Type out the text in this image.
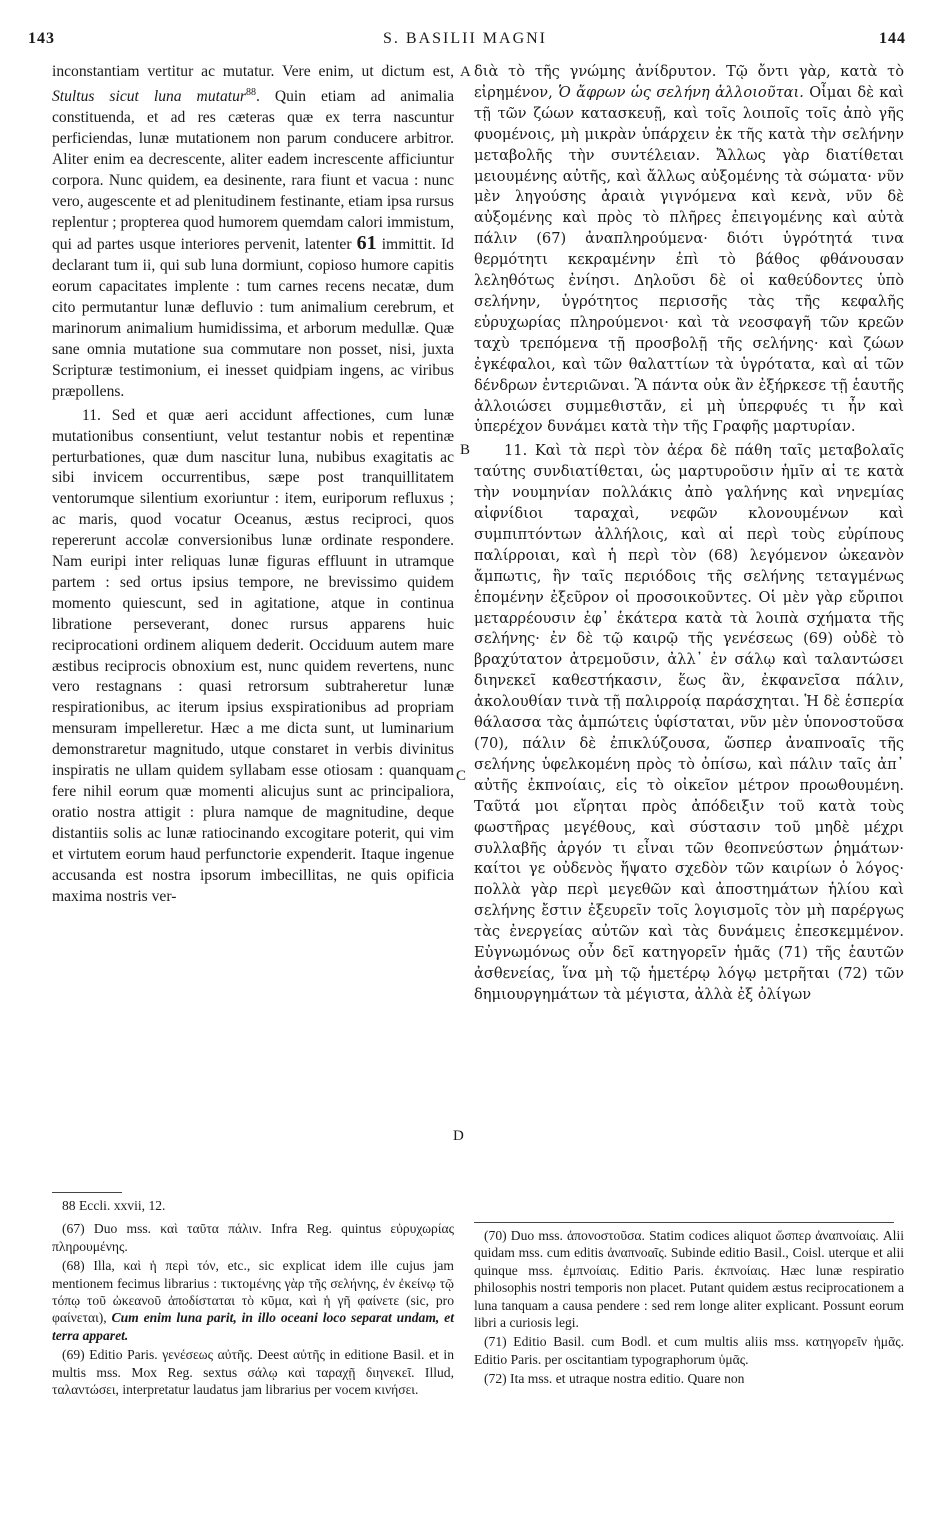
143	S. BASILII MAGNI	144
A
B
C
D

inconstantiam vertitur ac mutatur. Vere enim, ut dictum est, Stultus sicut luna mutatur$^{88}$. Quin etiam ad animalia constituenda, et ad res cæteras quæ ex terra nascuntur perficiendas, lunæ mutationem non parum conducere arbitror. Aliter enim ea decrescente, aliter eadem increscente afficiuntur corpora. Nunc quidem, ea desinente, rara fiunt et vacua : nunc vero, augescente et ad plenitudinem festinante, etiam ipsa rursus replentur ; propterea quod humorem quemdam calori immistum, qui ad partes usque interiores pervenit, latenter 61 immittit. Id declarant tum ii, qui sub luna dormiunt, copioso humore capitis eorum capacitates implente : tum carnes recens necatæ, dum cito permutantur lunæ defluvio : tum animalium cerebrum, et marinorum animalium humidissima, et arborum medullæ. Quæ sane omnia mutatione sua commutare non posset, nisi, juxta Scripturæ testimonium, ei inesset quidpiam ingens, ac viribus præpollens.

11. Sed et quæ aeri accidunt affectiones, cum lunæ mutationibus consentiunt, velut testantur nobis et repentinæ perturbationes, quæ dum nascitur luna, nubibus exagitatis ac sibi invicem occurrentibus, sæpe post tranquillitatem ventorumque silentium exoriuntur : item, euriporum refluxus ; ac maris, quod vocatur Oceanus, æstus reciproci, quos repererunt accolæ conversionibus lunæ ordinate respondere. Nam euripi inter reliquas lunæ figuras effluunt in utramque partem : sed ortus ipsius tempore, ne brevissimo quidem momento quiescunt, sed in agitatione, atque in continua libratione perseverant, donec rursus apparens huic reciprocationi ordinem aliquem dederit. Occiduum autem mare æstibus reciprocis obnoxium est, nunc quidem revertens, nunc vero restagnans : quasi retrorsum subtraheretur lunæ respirationibus, ac iterum ipsius exspirationibus ad propriam mensuram impelleretur. Hæc a me dicta sunt, ut luminarium demonstraretur magnitudo, utque constaret in verbis divinitus inspiratis ne ullam quidem syllabam esse otiosam : quanquam fere nihil eorum quæ momenti alicujus sunt ac principaliora, oratio nostra attigit : plura namque de magnitudine, deque distantiis solis ac lunæ ratiocinando excogitare poterit, qui vim et virtutem eorum haud perfunctorie expenderit. Itaque ingenue accusanda est nostra ipsorum imbecillitas, ne quis opificia maxima nostris ver-

διὰ τὸ τῆς γνώμης ἀνίδρυτον. Τῷ ὄντι γὰρ, κατὰ τὸ εἰρημένον, Ὁ ἄφρων ὡς σελήνη ἀλλοιοῦται. Οἶμαι δὲ καὶ τῇ τῶν ζώων κατασκευῇ, καὶ τοῖς λοιποῖς τοῖς ἀπὸ γῆς φυομένοις, μὴ μικρὰν ὑπάρχειν ἐκ τῆς κατὰ τὴν σελήνην μεταβολῆς τὴν συντέλειαν. Ἄλλως γὰρ διατίθεται μειουμένης αὐτῆς, καὶ ἄλλως αὐξομένης τὰ σώματα· νῦν μὲν ληγούσης ἀραιὰ γιγνόμενα καὶ κενὰ, νῦν δὲ αὐξομένης καὶ πρὸς τὸ πλῆρες ἐπειγομένης καὶ αὐτὰ πάλιν (67) ἀναπληρούμενα· διότι ὑγρότητά τινα θερμότητι κεκραμένην ἐπὶ τὸ βάθος φθάνουσαν λεληθότως ἐνίησι. Δηλοῦσι δὲ οἱ καθεύδοντες ὑπὸ σελήνην, ὑγρότητος περισσῆς τὰς τῆς κεφαλῆς εὐρυχωρίας πληρούμενοι· καὶ τὰ νεοσφαγῆ τῶν κρεῶν ταχὺ τρεπόμενα τῇ προσβολῇ τῆς σελήνης· καὶ ζώων ἐγκέφαλοι, καὶ τῶν θαλαττίων τὰ ὑγρότατα, καὶ αἱ τῶν δένδρων ἐντεριῶναι. Ἃ πάντα οὐκ ἂν ἐξήρκεσε τῇ ἑαυτῆς ἀλλοιώσει συμμεθιστᾶν, εἰ μὴ ὑπερφυές τι ἦν καὶ ὑπερέχον δυνάμει κατὰ τὴν τῆς Γραφῆς μαρτυρίαν.

11. Καὶ τὰ περὶ τὸν ἀέρα δὲ πάθη ταῖς μεταβολαῖς ταύτης συνδιατίθεται, ὡς μαρτυροῦσιν ἡμῖν αἱ τε κατὰ τὴν νουμηνίαν πολλάκις ἀπὸ γαλήνης καὶ νηνεμίας αἰφνίδιοι ταραχαὶ, νεφῶν κλονουμένων καὶ συμπιπτόντων ἀλλήλοις, καὶ αἱ περὶ τοὺς εὐρίπους παλίρροιαι, καὶ ἡ περὶ τὸν (68) λεγόμενον ὠκεανὸν ἄμπωτις, ἣν ταῖς περιόδοις τῆς σελήνης τεταγμένως ἑπομένην ἐξεῦρον οἱ προσοικοῦντες. Οἱ μὲν γὰρ εὔριποι μεταρρέουσιν ἐφ᾽ ἑκάτερα κατὰ τὰ λοιπὰ σχήματα τῆς σελήνης· ἐν δὲ τῷ καιρῷ τῆς γενέσεως (69) οὐδὲ τὸ βραχύτατον ἀτρεμοῦσιν, ἀλλ᾽ ἐν σάλῳ καὶ ταλαντώσει διηνεκεῖ καθεστήκασιν, ἕως ἂν, ἐκφανεῖσα πάλιν, ἀκολουθίαν τινὰ τῇ παλιρροίᾳ παράσχηται. Ἡ δὲ ἑσπερία θάλασσα τὰς ἀμπώτεις ὑφίσταται, νῦν μὲν ὑπονοστοῦσα (70), πάλιν δὲ ἐπικλύζουσα, ὥσπερ ἀναπνοαῖς τῆς σελήνης ὑφελκομένη πρὸς τὸ ὀπίσω, καὶ πάλιν ταῖς ἀπ᾽ αὐτῆς ἐκπνοίαις, εἰς τὸ οἰκεῖον μέτρον προωθουμένη. Ταῦτά μοι εἴρηται πρὸς ἀπόδειξιν τοῦ κατὰ τοὺς φωστῆρας μεγέθους, καὶ σύστασιν τοῦ μηδὲ μέχρι συλλαβῆς ἀργόν τι εἶναι τῶν θεοπνεύστων ῥημάτων· καίτοι γε οὐδενὸς ἥψατο σχεδὸν τῶν καιρίων ὁ λόγος· πολλὰ γὰρ περὶ μεγεθῶν καὶ ἀποστημάτων ἡλίου καὶ σελήνης ἔστιν ἐξευρεῖν τοῖς λογισμοῖς τὸν μὴ παρέργως τὰς ἐνεργείας αὐτῶν καὶ τὰς δυνάμεις ἐπεσκεμμένον. Εὐγνωμόνως οὖν δεῖ κατηγορεῖν ἡμᾶς (71) τῆς ἑαυτῶν ἀσθενείας, ἵνα μὴ τῷ ἡμετέρῳ λόγῳ μετρῆται (72) τῶν δημιουργημάτων τὰ μέγιστα, ἀλλὰ ἐξ ὀλίγων

88 Eccli. xxvii, 12.

(67) Duo mss. καὶ ταῦτα πάλιν. Infra Reg. quintus εὐρυχωρίας πληρουμένης.

(68) Illa, καὶ ἡ περὶ τόν, etc., sic explicat idem ille cujus jam mentionem fecimus librarius : τικτομένης γὰρ τῆς σελήνης, ἐν ἐκείνῳ τῷ τόπῳ τοῦ ὠκεανοῦ ἀποδίσταται τὸ κῦμα, καὶ ἡ γῆ φαίνετε (sic, pro φαίνεται), Cum enim luna parit, in illo oceani loco separat undam, et terra apparet.

(69) Editio Paris. γενέσεως αὐτῆς. Deest αὐτῆς in editione Basil. et in multis mss. Mox Reg. sextus σάλῳ καὶ ταραχῇ διηνεκεῖ. Illud, ταλαντώσει, interpretatur laudatus jam librarius per vocem κινήσει.

(70) Duo mss. ἀπονοστοῦσα. Statim codices aliquot ὥσπερ ἀναπνοίαις. Alii quidam mss. cum editis ἀναπνοαῖς. Subinde editio Basil., Coisl. uterque et alii quinque mss. ἐμπνοίαις. Editio Paris. ἐκπνοίαις. Hæc lunæ respiratio philosophis nostri temporis non placet. Putant quidem æstus reciprocationem a luna tanquam a causa pendere : sed rem longe aliter explicant. Possunt eorum libri a curiosis legi.

(71) Editio Basil. cum Bodl. et cum multis aliis mss. κατηγορεῖν ἡμᾶς. Editio Paris. per oscitantiam typographorum ὑμᾶς.

(72) Ita mss. et utraque nostra editio. Quare non
